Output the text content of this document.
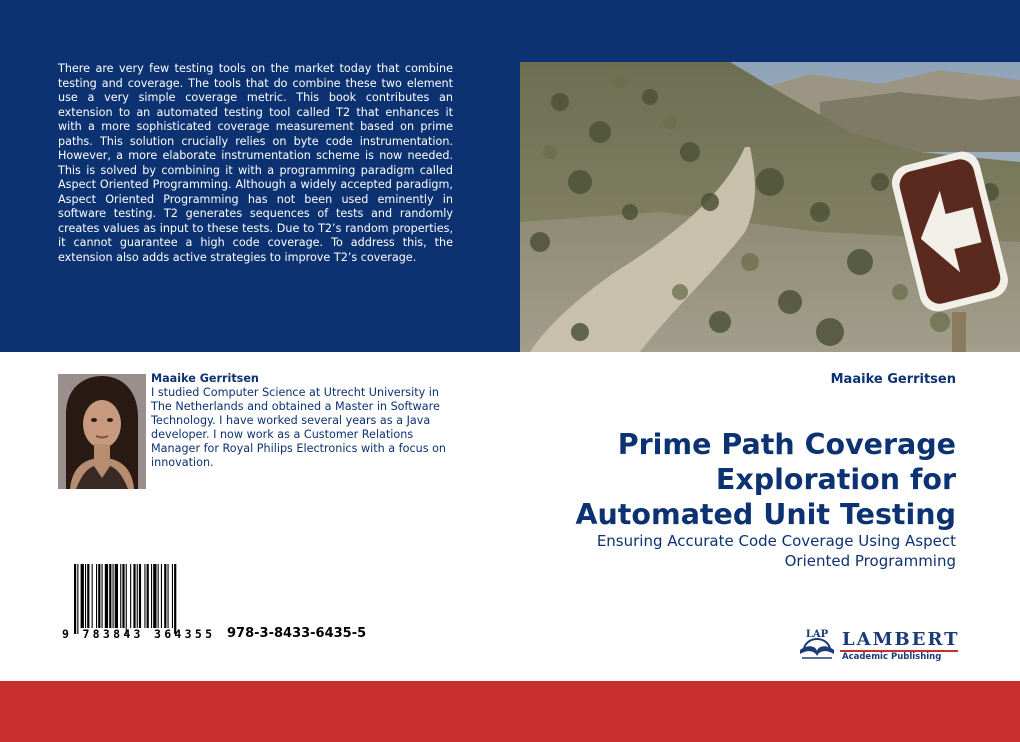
There are very few testing tools on the market today that combine testing and coverage. The tools that do combine these two element use a very simple coverage metric. This book contributes an extension to an automated testing tool called T2 that enhances it with a more sophisticated coverage measurement based on prime paths. This solution crucially relies on byte code instrumentation. However, a more elaborate instrumentation scheme is now needed. This is solved by combining it with a programming paradigm called Aspect Oriented Programming. Although a widely accepted paradigm, Aspect Oriented Programming has not been used eminently in software testing. T2 generates sequences of tests and randomly creates values as input to these tests. Due to T2’s random properties, it cannot guarantee a high code coverage. To address this, the extension also adds active strategies to improve T2’s coverage.

Maaike Gerritsen
I studied Computer Science at Utrecht University in The Netherlands and obtained a Master in Software Technology. I have worked several years as a Java developer. I now work as a Customer Relations Manager for Royal Philips Electronics with a focus on innovation.
Maaike Gerritsen
Prime Path Coverage Exploration for Automated Unit Testing
Ensuring Accurate Code Coverage Using Aspect Oriented Programming
9 783843 364355 978-3-8433-6435-5	LAP LAMBERT
Academic Publishing
